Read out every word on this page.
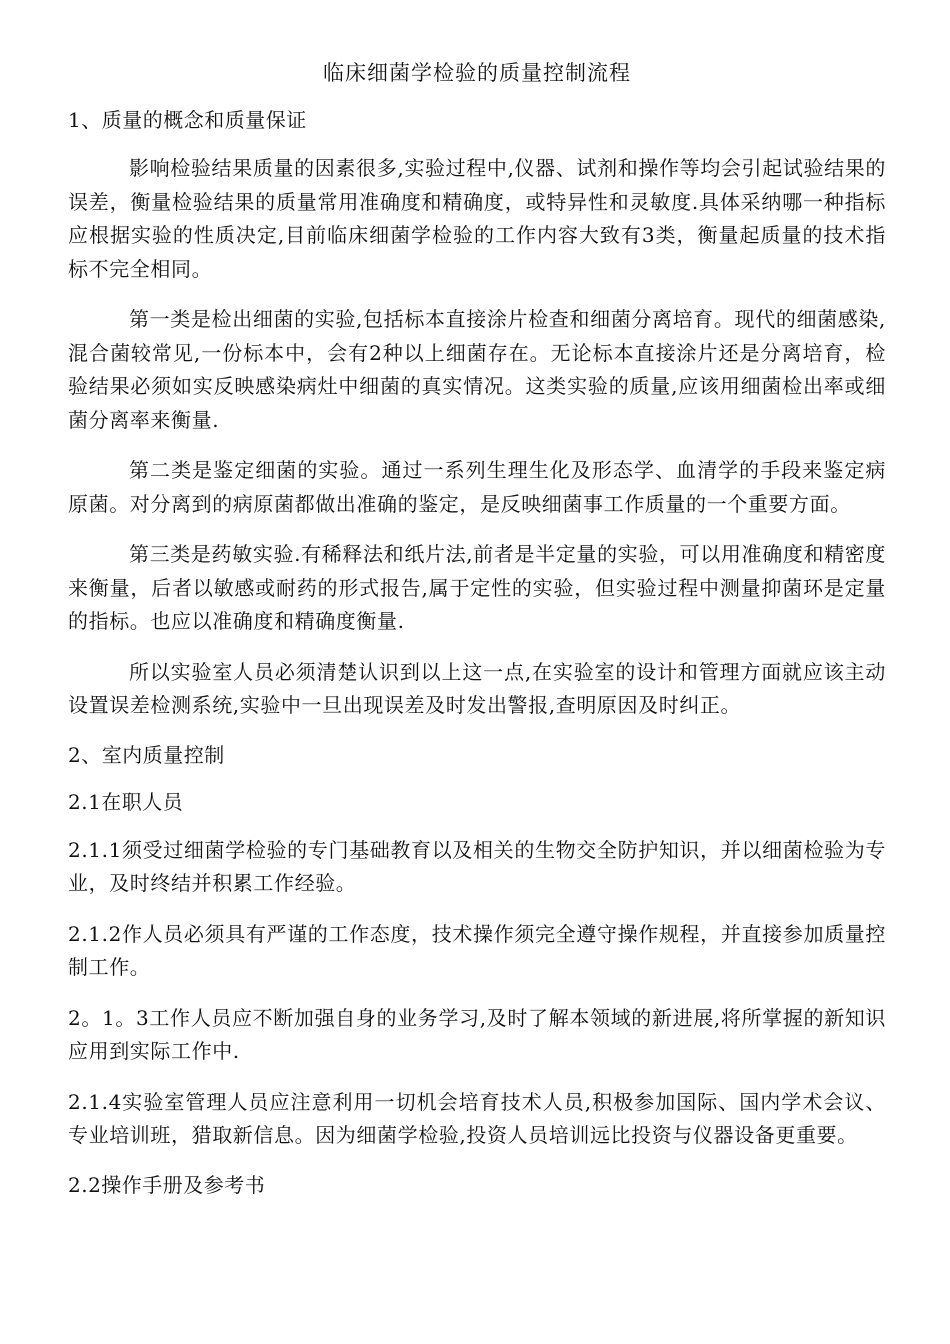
临床细菌学检验的质量控制流程
1、质量的概念和质量保证

影响检验结果质量的因素很多,实验过程中,仪器、试剂和操作等均会引起试验结果的误差，衡量检验结果的质量常用准确度和精确度，或特异性和灵敏度.具体采纳哪一种指标应根据实验的性质决定,目前临床细菌学检验的工作内容大致有3类，衡量起质量的技术指标不完全相同。

第一类是检出细菌的实验,包括标本直接涂片检查和细菌分离培育。现代的细菌感染,混合菌较常见,一份标本中，会有2种以上细菌存在。无论标本直接涂片还是分离培育，检验结果必须如实反映感染病灶中细菌的真实情况。这类实验的质量,应该用细菌检出率或细菌分离率来衡量.

第二类是鉴定细菌的实验。通过一系列生理生化及形态学、血清学的手段来鉴定病原菌。对分离到的病原菌都做出准确的鉴定，是反映细菌事工作质量的一个重要方面。

第三类是药敏实验.有稀释法和纸片法,前者是半定量的实验，可以用准确度和精密度来衡量，后者以敏感或耐药的形式报告,属于定性的实验，但实验过程中测量抑菌环是定量的指标。也应以准确度和精确度衡量.

所以实验室人员必须清楚认识到以上这一点,在实验室的设计和管理方面就应该主动设置误差检测系统,实验中一旦出现误差及时发出警报,查明原因及时纠正。

2、室内质量控制
2.1在职人员

2.1.1须受过细菌学检验的专门基础教育以及相关的生物交全防护知识，并以细菌检验为专业，及时终结并积累工作经验。

2.1.2作人员必须具有严谨的工作态度，技术操作须完全遵守操作规程，并直接参加质量控制工作。

2。1。3工作人员应不断加强自身的业务学习,及时了解本领域的新进展,将所掌握的新知识应用到实际工作中.

2.1.4实验室管理人员应注意利用一切机会培育技术人员,积极参加国际、国内学术会议、专业培训班，猎取新信息。因为细菌学检验,投资人员培训远比投资与仪器设备更重要。

2.2操作手册及参考书
